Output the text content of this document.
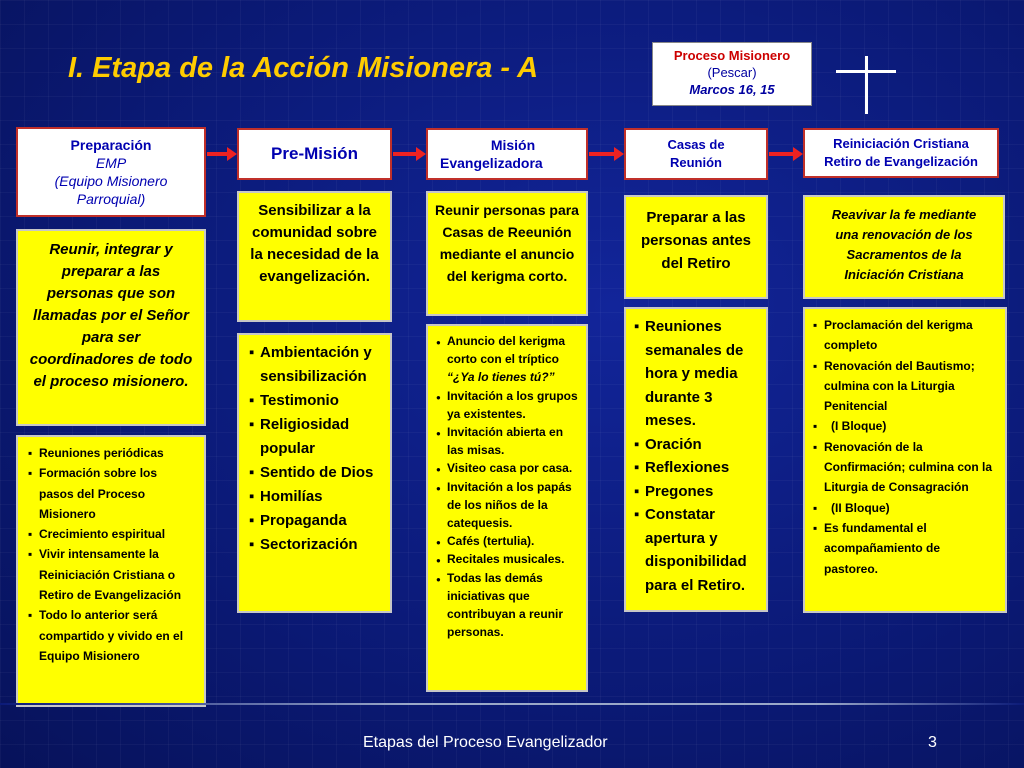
I. Etapa de la Acción Misionera - A	Proceso Misionero
(Pescar)
Marcos 16, 15
Preparación
EMP
(Equipo Misionero
Parroquial)
Pre-Misión	Misión
Evangelizadora
Casas de
Reunión
Reiniciación Cristiana
Retiro de Evangelización
Reunir, integrar y preparar a las personas que son llamadas por el Señor para ser coordinadores de todo el proceso misionero.
Sensibilizar a la comunidad sobre la necesidad de la evangelización.
Reunir personas para Casas de Reeunión mediante el anuncio del kerigma corto.
Preparar a las personas antes del Retiro
Reavivar la fe mediante una renovación de los Sacramentos de la Iniciación Cristiana
▪ Reuniones periódicas
▪ Formación sobre los pasos del Proceso Misionero
▪ Crecimiento espiritual
▪ Vivir intensamente la Reiniciación Cristiana o Retiro de Evangelización
▪ Todo lo anterior será compartido y vivido en el Equipo Misionero
▪ Ambientación y sensibilización
▪ Testimonio
▪ Religiosidad popular
▪ Sentido de Dios
▪ Homilías
▪ Propaganda
▪ Sectorización
● Anuncio del kerigma corto con el tríptico
“¿Ya lo tienes tú?”
● Invitación a los grupos ya existentes.
● Invitación abierta en las misas.
● Visiteo casa por casa.
● Invitación a los papás de los niños de la catequesis.
● Cafés (tertulia).
● Recitales musicales.
● Todas las demás iniciativas que contribuyan a reunir personas.
▪ Reuniones semanales de hora y media durante 3 meses.
▪ Oración
▪ Reflexiones
▪ Pregones
▪ Constatar apertura y disponibilidad para el Retiro.
▪ Proclamación del kerigma completo
▪ Renovación del Bautismo; culmina con la Liturgia Penitencial
▪ (I Bloque)
▪ Renovación de la Confirmación; culmina con la Liturgia de Consagración
▪ (II Bloque)
▪ Es fundamental el acompañamiento de pastoreo.
Etapas del Proceso Evangelizador	3
